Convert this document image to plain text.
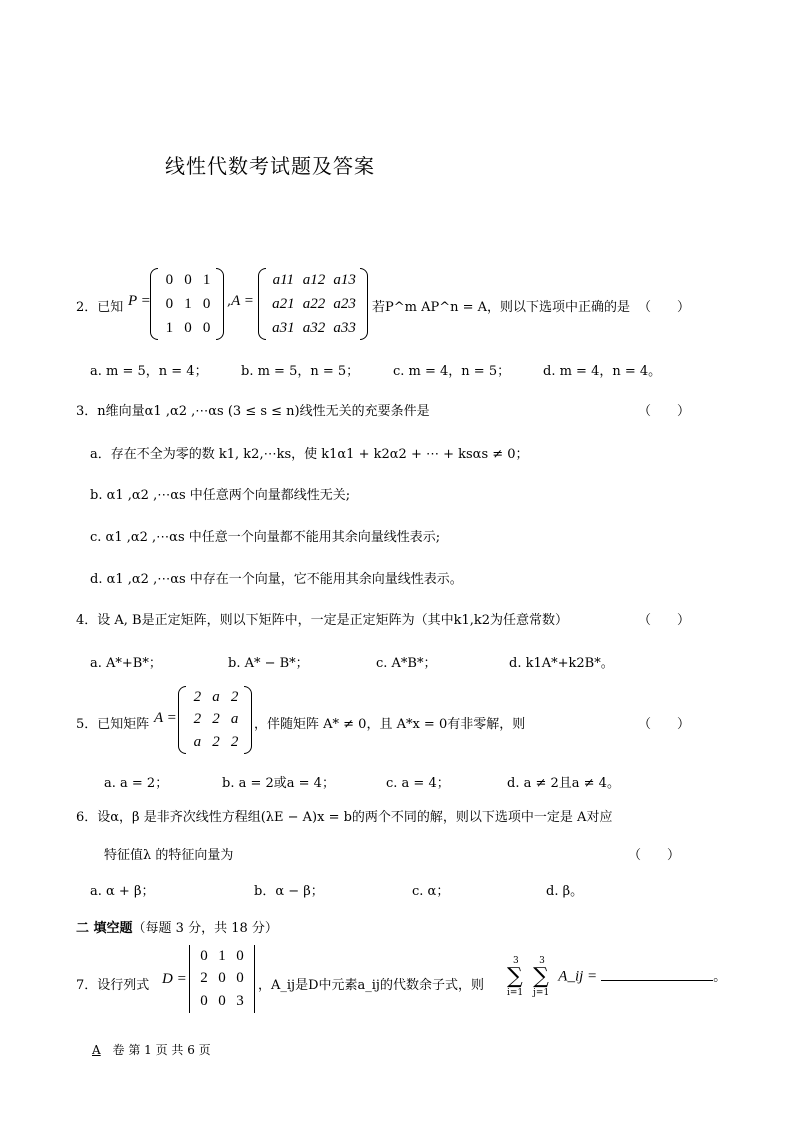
线性代数考试题及答案
2．已知 P =
0	0	1
0	1	0
1	0	0
,A =
a11	a12	a13
a21	a22	a23
a31	a32	a33
若P^m AP^n = A，则以下选项中正确的是 （　　）
a. m = 5，n = 4；	b. m = 5，n = 5；	c. m = 4，n = 5；	d. m = 4，n = 4。
3．n维向量α1 ,α2 ,⋯αs (3 ≤ s ≤ n)线性无关的充要条件是	（　　）
a．存在不全为零的数 k1, k2,⋯ks，使 k1α1 + k2α2 + ⋯ + ksαs ≠ 0；
b. α1 ,α2 ,⋯αs 中任意两个向量都线性无关;
c. α1 ,α2 ,⋯αs 中任意一个向量都不能用其余向量线性表示;
d. α1 ,α2 ,⋯αs 中存在一个向量，它不能用其余向量线性表示。
4．设 A, B是正定矩阵，则以下矩阵中，一定是正定矩阵为（其中k1,k2为任意常数）	（　　）
a. A*+B*；	b. A* − B*；	c. A*B*；	d. k1A*+k2B*。
5．已知矩阵 A =
2	a	2
2	2	a
a	2	2
，伴随矩阵 A* ≠ 0，且 A*x = 0有非零解，则	（　　）
a. a = 2；	b. a = 2或a = 4；	c. a = 4；	d. a ≠ 2且a ≠ 4。
6．设α，β 是非齐次线性方程组(λE − A)x = b的两个不同的解，则以下选项中一定是 A对应
特征值λ 的特征向量为	（　　）
a. α + β；	b．α − β；	c. α；	d. β。
二 填空题（每题 3 分，共 18 分）
7．设行列式 D =
0	1	0
2	0	0
0	0	3
，A_ij是D中元素a_ij的代数余子式，则
3
∑
i=1

3
∑
j=1
A_ij =	。
A 卷 第 1 页 共 6 页
